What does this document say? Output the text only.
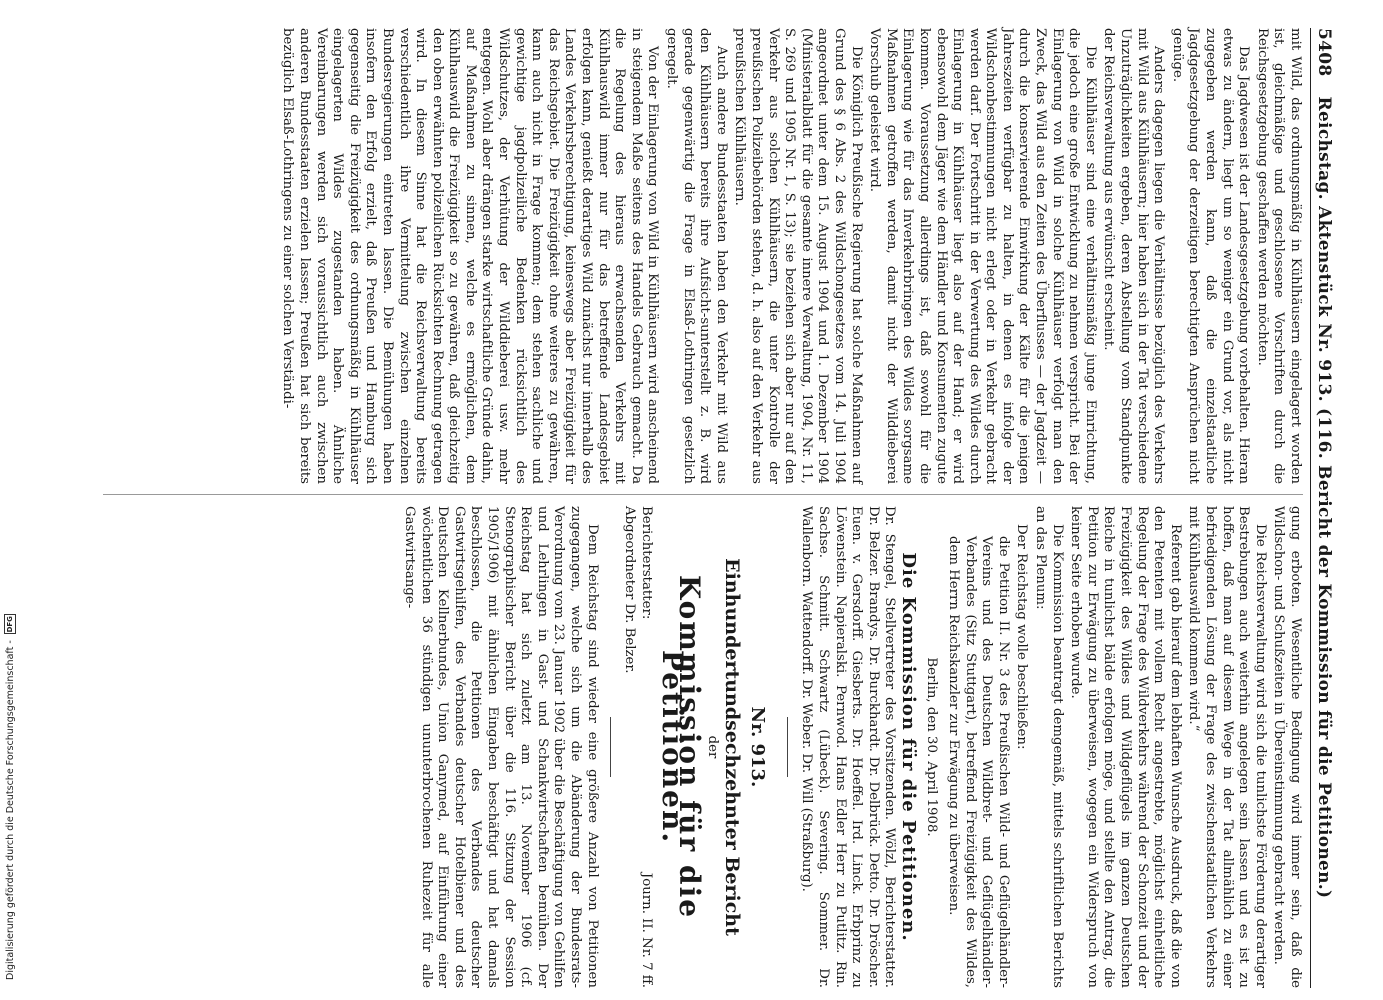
5408
Reichstag. Aktenstück Nr. 913. (116. Bericht der Kommission für die Petitionen.)

mit Wild, das ordnungsmäßig in Kühlhäusern eingelagert worden ist, gleichmäßige und geschlossene Vorschriften durch die Reichsgesetzgebung geschaffen werden möchten.

Das Jagdwesen ist der Landesgesetzgebung vorbehalten. Hieran etwas zu ändern, liegt um so weniger ein Grund vor, als nicht zugegeben werden kann, daß die einzelstaatliche Jagdgesetzgebung der derzeitigen berechtigten Ansprüchen nicht genüge.

Anders dagegen liegen die Verhältnisse bezüglich des Verkehrs mit Wild aus Kühlhäusern; hier haben sich in der Tat verschiedene Unzuträglichkeiten ergeben, deren Abstellung vom Standpunkte der Reichsverwaltung aus erwünscht erscheint.

Die Kühlhäuser sind eine verhältnismäßig junge Einrichtung, die jedoch eine große Entwicklung zu nehmen verspricht. Bei der Einlagerung von Wild in solche Kühlhäuser verfolgt man den Zweck, das Wild aus den Zeiten des Überflusses — der Jagdzeit — durch die konservierende Einwirkung der Kälte für die jenigen Jahreszeiten verfügbar zu halten, in denen es infolge der Wildschonbestimmungen nicht erlegt oder in Verkehr gebracht werden darf. Der Fortschritt in der Verwertung des Wildes durch Einlagerung in Kühlhäuser liegt also auf der Hand; er wird ebensowohl dem Jäger wie dem Händler und Konsumenten zugute kommen. Voraussetzung allerdings ist, daß sowohl für die Einlagerung wie für das Inverkehrbringen des Wildes sorgsame Maßnahmen getroffen werden, damit nicht der Wilddieberei Vorschub geleistet wird.

Die Königlich Preußische Regierung hat solche Maßnahmen auf Grund des § 6 Abs. 2 des Wildschongesetzes vom 14. Juli 1904 angeordnet unter dem 15. August 1904 und 1. Dezember 1904 (Ministerialblatt für die gesamte innere Verwaltung, 1904, Nr. 11, S. 269 und 1905 Nr. 1, S. 13); sie beziehen sich aber nur auf den Verkehr aus solchen Kühlhäusern, die unter Kontrolle der preußischen Polizeibehörden stehen, d. h. also auf den Verkehr aus preußischen Kühlhäusern.

Auch andere Bundesstaaten haben den Verkehr mit Wild aus den Kühlhäusern bereits ihre Aufsicht-sunterstellt z. B. wird gerade gegenwärtig die Frage in Elsaß-Lothringen gesetzlich geregelt.

Von der Einlagerung von Wild in Kühlhäusern wird anscheinend in steigendem Maße seitens des Handels Gebrauch gemacht. Da die Regelung des hieraus erwachsenden Verkehrs mit Kühlhauswild immer nur für das betreffende Landesgebiet erfolgen kann, genießt derartiges Wild zunächst nur innerhalb des Landes Verkehrsberechtigung, keineswegs aber Freizügigkeit für das Reichsgebiet. Die Freizügigkeit ohne weiteres zu gewähren, kann auch nicht in Frage kommen; dem stehen sachliche und gewichtige jagdpolizeiliche Bedenken rücksichtlich des Wildschutzes, der Verhütung der Wilddieberei usw. mehr entgegen. Wohl aber drängen starke wirtschaftliche Gründe dahin, auf Maßnahmen zu sinnen, welche es ermöglichen, dem Kühlhauswild die Freizügigkeit so zu gewähren, daß gleichzeitig den oben erwähnten polizeilichen Rücksichten Rechnung getragen wird. In diesem Sinne hat die Reichsverwaltung bereits verschiedentlich ihre Vermittelung zwischen einzelnen Bundesregierungen eintreten lassen. Die Bemühungen haben insofern den Erfolg erzielt, daß Preußen und Hamburg sich gegenseitig die Freizügigkeit des ordnungsmäßig in Kühlhäuser eingelagerten Wildes zugestanden haben. Ähnliche Vereinbarungen werden sich voraussichtlich auch zwischen anderen Bundesstaaten erzielen lassen; Preußen hat sich bereits bezüglich Elsaß-Lothringens zu einer solchen Verständi-

gung erboten. Wesentliche Bedingung wird immer sein, daß die Wildschon- und Schußzeiten in Übereinstimmung gebracht werden.

Die Reichsverwaltung wird sich die tunlichste Förderung derartiger Bestrebungen auch weiterhin angelegen sein lassen und es ist zu hoffen, daß man auf diesem Wege in der Tat allmählich zu einer befriedigenden Lösung der Frage des zwischenstaatlichen Verkehrs mit Kühlhauswild kommen wird.“

Referent gab hierauf dem lebhaften Wunsche Ausdruck, daß die von den Petenten mit vollem Recht angestrebte, möglichst einheitliche Regelung der Frage des Wildverkehrs während der Schonzeit und der Freizügigkeit des Wildes und Wildgeflügels im ganzen Deutschen Reiche in tunlichst bälde erfolgen möge, und stellte den Antrag, die Petition zur Erwägung zu überweisen, wogegen ein Widerspruch von keiner Seite erhoben wurde.

Die Kommission beantragt demgemäß, mittels schriftlichen Berichts an das Plenum:

Der Reichstag wolle beschließen:

die Petition II. Nr. 3 des Preußischen Wild- und Geflügelhändler-Vereins und des Deutschen Wildbret- und Geflügelhändler-Verbandes (Sitz Stuttgart), betreffend Freizügigkeit des Wildes, dem Herrn Reichskanzler zur Erwägung zu überweisen.

Berlin, den 30. April 1908.

Die Kommission für die Petitionen.

Dr. Stengel, Stellvertreter des Vorsitzenden. Wölzl, Berichterstatter. Dr. Belzer. Brandys. Dr. Burckhardt. Dr. Delbrück. Detto. Dr. Dröscher. Euen. v. Gersdorff. Giesberts. Dr. Hoeffel. Ird. Linck. Erbprinz zu Löwenstein. Napieralski. Pernwod. Hans Edler Herr zu Putlitz. Rin. Sachse. Schmitt. Schwartz (Lübeck). Severing. Sommer. Dr. Wallenborn. Wattendorff. Dr. Weber. Dr. Will (Straßburg).

Nr. 913.
Einhundertundsechzehnter Bericht
der
Kommission für die Petitionen.
Berichterstatter:
Journ. II. Nr. 7 ff.

Abgeordneter Dr. Belzer.

Dem Reichstag sind wieder eine größere Anzahl von Petitionen zugegangen, welche sich um die Abänderung der Bundesrats-Verordnung vom 23. Januar 1902 über die Beschäftigung von Gehilfen und Lehrlingen in Gast- und Schankwirtschaften bemühen. Der Reichstag hat sich zuletzt am 13. November 1906 (cf. Stenographischer Bericht über die 116. Sitzung der Session 1905/1906) mit ähnlichen Eingaben beschäftigt und hat damals beschlossen, die Petitionen des Verbandes deutscher Gastwirtsgehilfen, des Verbandes deutscher Hotelbiener und des Deutschen Kellnerbundes, Union Ganymed, auf Einführung einer wöchentlichen 36 stündigen ununterbrochenen Ruhezeit für alle Gastwirtsange-

Digitalisierung gefördert durch die Deutsche Forschungsgemeinschaft -
DFG
